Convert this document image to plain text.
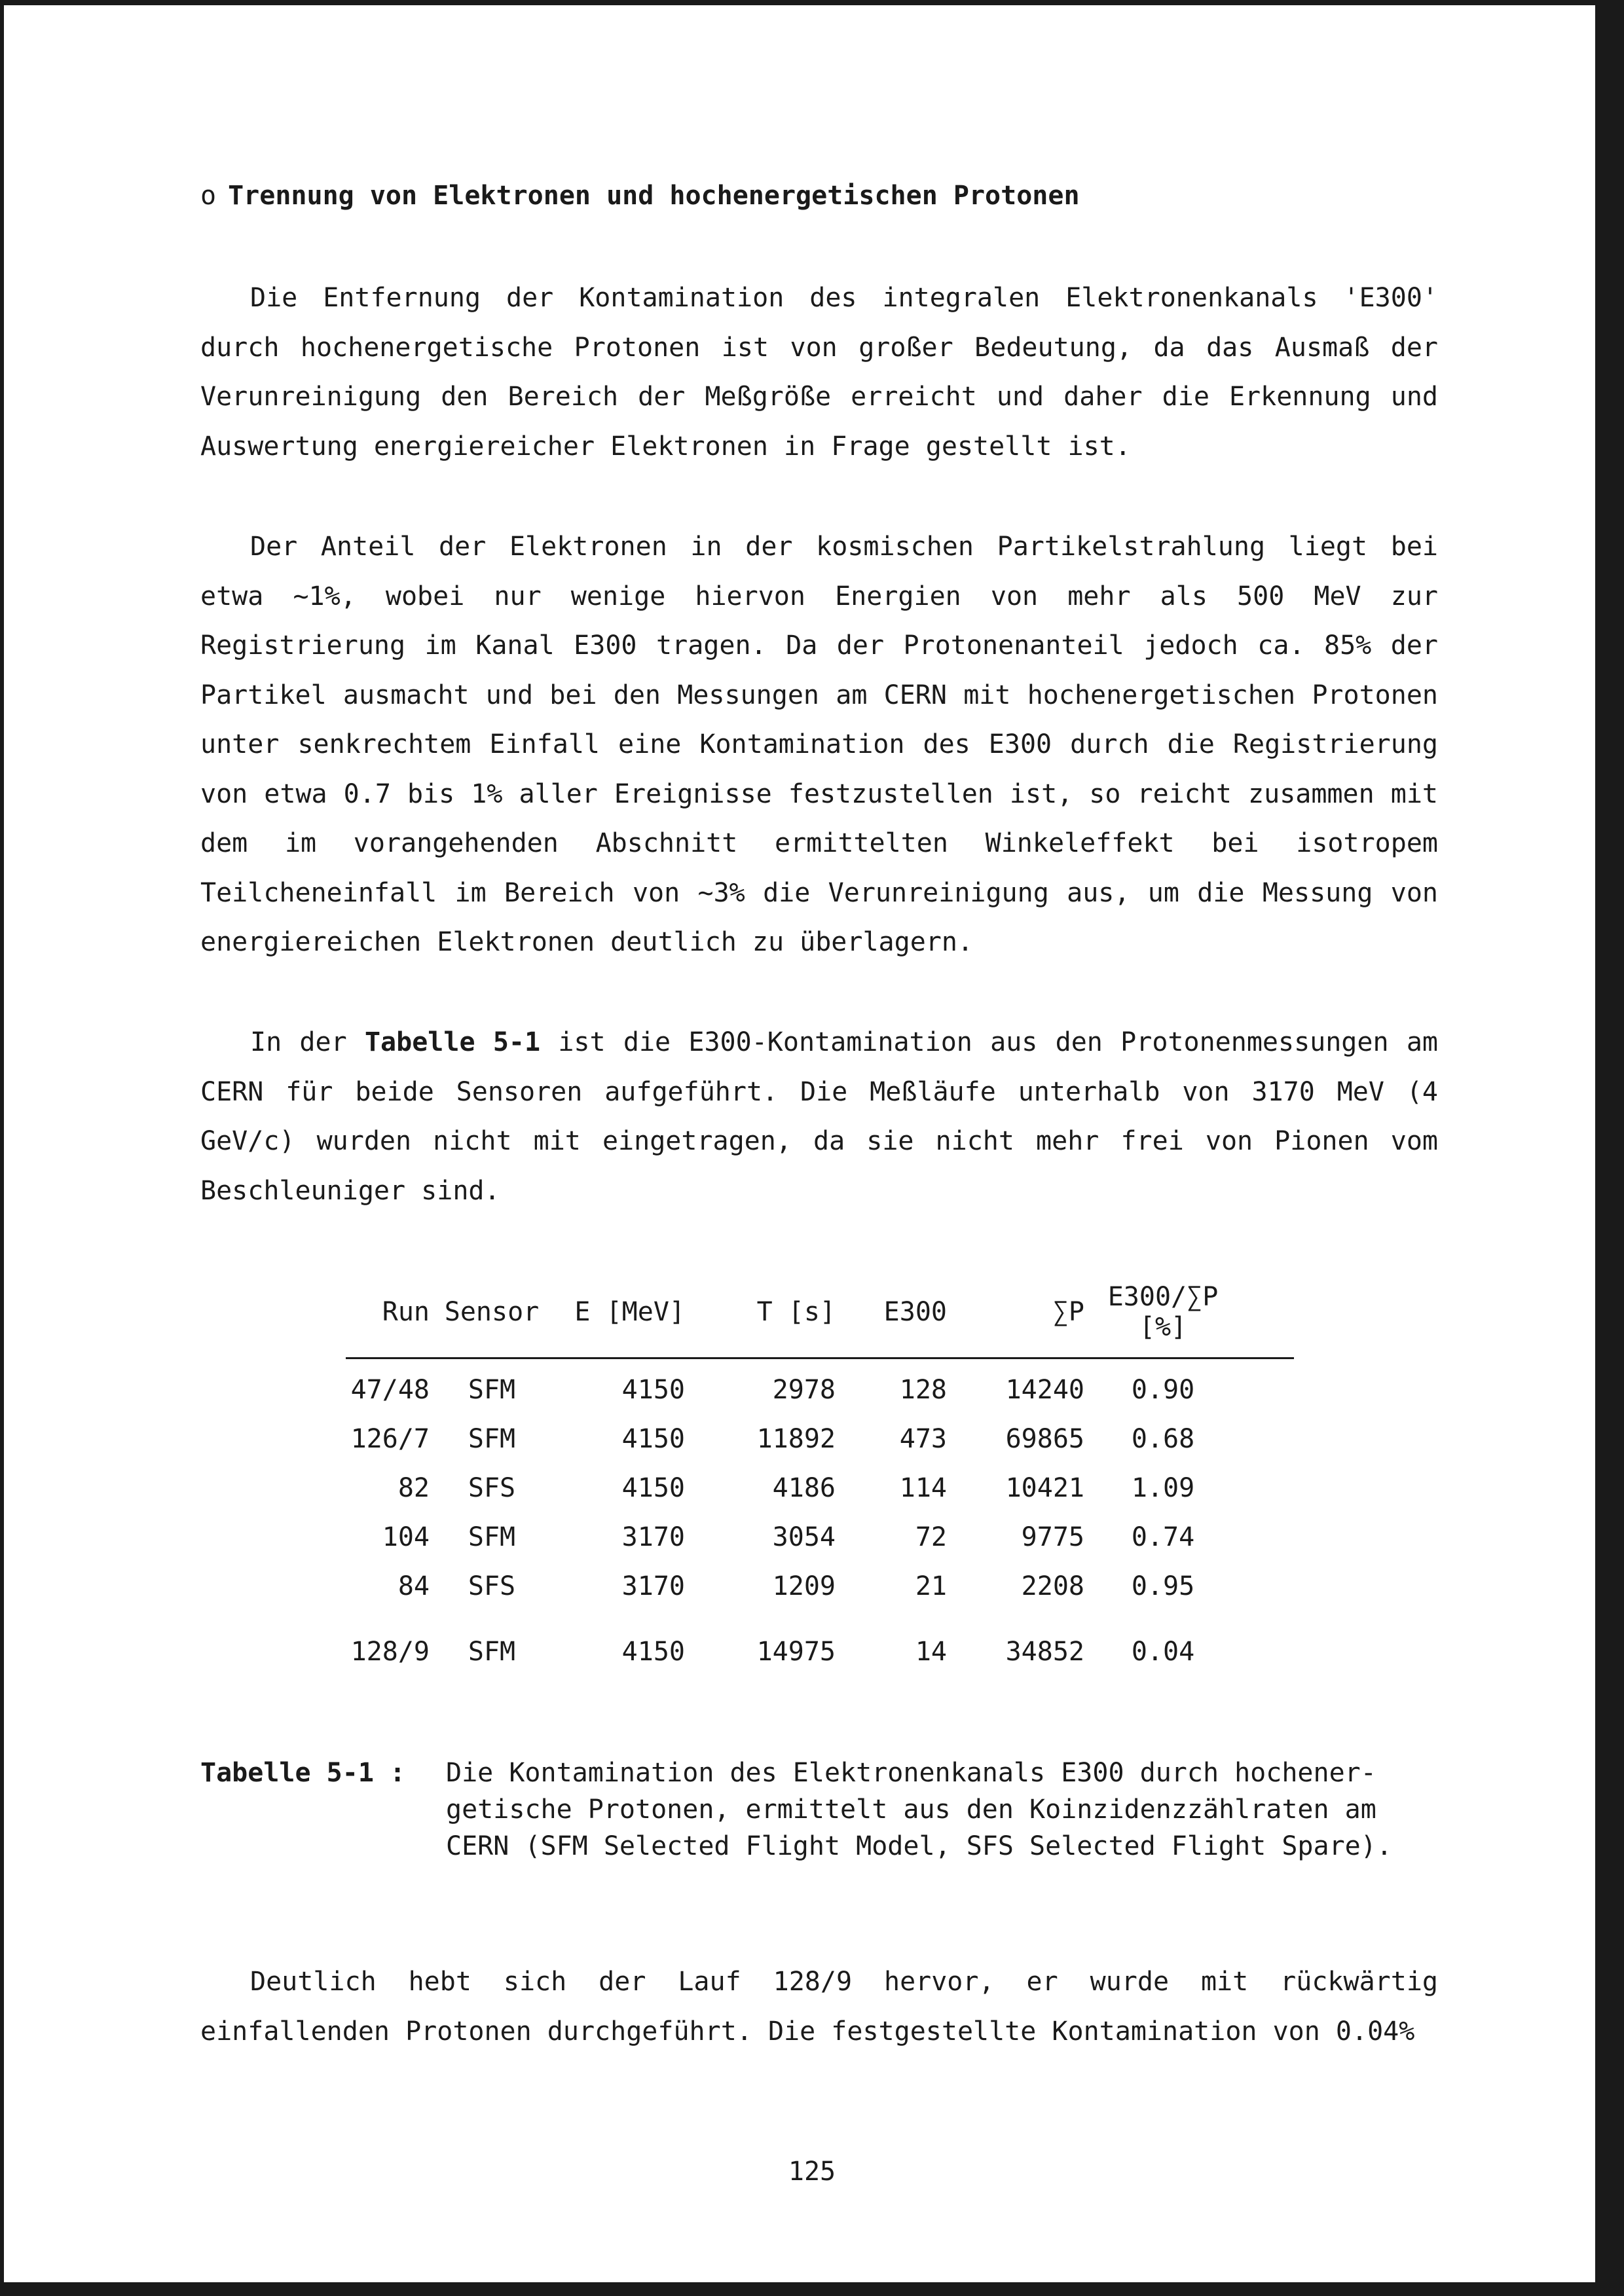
o Trennung von Elektronen und hochenergetischen Protonen
Die Entfernung der Kontamination des integralen Elektronenkanals 'E300' durch hochenergetische Protonen ist von großer Bedeutung, da das Ausmaß der Verunreinigung den Bereich der Meßgröße erreicht und daher die Erkennung und Auswertung energiereicher Elektronen in Frage gestellt ist.
Der Anteil der Elektronen in der kosmischen Partikelstrahlung liegt bei etwa ~1%, wobei nur wenige hiervon Energien von mehr als 500 MeV zur Registrierung im Kanal E300 tragen. Da der Protonenanteil jedoch ca. 85% der Partikel ausmacht und bei den Messungen am CERN mit hochenergetischen Protonen unter senkrechtem Einfall eine Kontamination des E300 durch die Registrierung von etwa 0.7 bis 1% aller Ereignisse festzustellen ist, so reicht zusammen mit dem im vorangehenden Abschnitt ermittelten Winkeleffekt bei isotropem Teilcheneinfall im Bereich von ~3% die Verunreinigung aus, um die Messung von energiereichen Elektronen deutlich zu überlagern.
In der Tabelle 5-1 ist die E300-Kontamination aus den Protonenmessungen am CERN für beide Sensoren aufgeführt. Die Meßläufe unterhalb von 3170 MeV (4 GeV/c) wurden nicht mit eingetragen, da sie nicht mehr frei von Pionen vom Beschleuniger sind.
Run	Sensor	E [MeV]	T [s]	E300	∑P	E300/∑P [%]
47/48	SFM	4150	2978	128	14240	0.90
126/7	SFM	4150	11892	473	69865	0.68
82	SFS	4150	4186	114	10421	1.09
104	SFM	3170	3054	72	9775	0.74
84	SFS	3170	1209	21	2208	0.95
128/9	SFM	4150	14975	14	34852	0.04
Tabelle 5-1 : Die Kontamination des Elektronenkanals E300 durch hochener-
getische Protonen, ermittelt aus den Koinzidenzzählraten am
CERN (SFM Selected Flight Model, SFS Selected Flight Spare).
Deutlich hebt sich der Lauf 128/9 hervor, er wurde mit rückwärtig einfallenden Protonen durchgeführt. Die festgestellte Kontamination von 0.04%
125
